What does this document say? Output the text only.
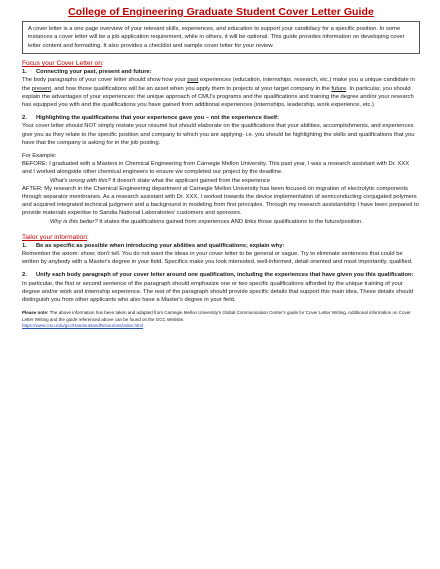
College of Engineering Graduate Student Cover Letter Guide
A cover letter is a one page overview of your relevant skills, experiences, and education to support your candidacy for a specific position. In some instances a cover letter will be a job application requirement, while in others, it will be optional. This guide provides information on developing cover letter content and formatting. It also provides a checklist and sample cover letter for your review.
Focus your Cover Letter on:
1. Connecting your past, present and future:

The body paragraphs of your cover letter should show how your past experiences (education, internships, research, etc.) make you a unique candidate in the present, and how those qualifications will be an asset when you apply them to projects at your target company in the future. In particular, you should explain the advantages of your experiences: the unique approach of CMU's programs and the qualifications and training the degree and/or your research has equipped you with and the qualifications you have gained from additional experiences (internships, leadership, work experience, etc.)

2. Highlighting the qualifications that your experience gave you – not the experience itself:

Your cover letter should NOT simply restate your résumé but should elaborate on the qualifications that your abilities, accomplishments, and experiences give you as they relate to the specific position and company to which you are applying- i.e. you should be highlighting the skills and qualifications that you have that the company is asking for in the job posting.

For Example:

BEFORE: I graduated with a Masters in Chemical Engineering from Carnegie Mellon University. This past year, I was a research assistant with Dr. XXX and I worked alongside other chemical engineers to ensure we completed our project by the deadline.

What's wrong with this? It doesn't state what the applicant gained from the experience

AFTER: My research in the Chemical Engineering department at Carnegie Mellon University has been focused on migration of electrolytic components through separator membranes. As a research assistant with Dr. XXX, I worked towards the device implementation of semiconducting conjugated polymers and acquired integrated technical judgment and a background in modeling from first principles. Through my research assistantship I have been prepared to provide materials expertise to Sandia National Laboratories' customers and sponsors.

Why is this better? It states the qualifications gained from experiences AND links those qualifications to the future/position.

Tailor your information:
1. Be as specific as possible when introducing your abilities and qualifications; explain why:

Remember the axiom: show; don't tell. You do not want the ideas in your cover letter to be general or vague. Try to eliminate sentences that could be written by anybody with a Master's degree in your field. Specifics make you look interested, well-informed, detail oriented and most importantly, qualified.

2.	Unify each body paragraph of your cover letter around one qualification, including the experiences that have given you this qualification:

In particular, the first or second sentence of the paragraph should emphasize one or two specific qualifications afforded by the unique training of your degree and/or work and internship experience. The rest of the paragraph should provide specific details that support this main idea. These details should distinguish you from other applicants who also have a Master's degree in your field.

Please note: The above information has been taken and adapted from Carnegie Mellon University's Global Communication Center's guide for Cover Letter Writing. Additional information on Cover Letter Writing and the guide referenced above can be found on the GCC Website.
https://www.cmu.edu/gcc/HandoutsandResources/index.html
